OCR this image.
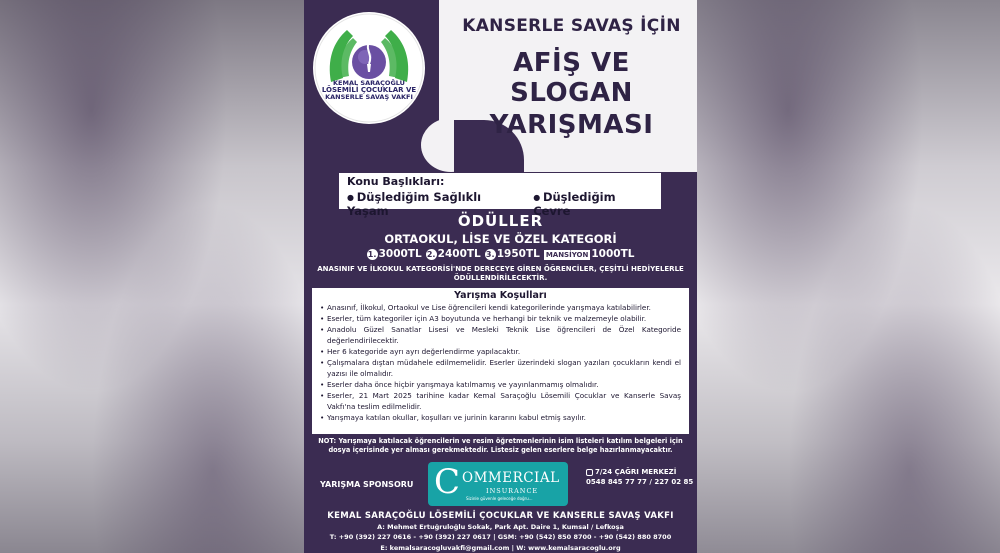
KEMAL SARAÇOĞLU
LÖSEMİLİ ÇOCUKLAR VE
KANSERLE SAVAŞ VAKFI
KANSERLE SAVAŞ İÇİN
AFİŞ VE SLOGAN
YARIŞMASI
Konu Başlıkları:
● Düşlediğim Sağlıklı Yaşam
● Düşlediğim Çevre
ÖDÜLLER
ORTAOKUL, LİSE VE ÖZEL KATEGORİ
1. 3000TL 2. 2400TL 3. 1950TL MANSİYON 1000TL
ANASINIF VE İLKOKUL KATEGORİSİ'NDE DERECEYE GİREN ÖĞRENCİLER, ÇEŞİTLİ HEDİYELERLE ÖDÜLLENDİRİLECEKTİR.
Yarışma Koşulları
• Anasınıf, İlkokul, Ortaokul ve Lise öğrencileri kendi kategorilerinde yarışmaya katılabilirler.
• Eserler, tüm kategoriler için A3 boyutunda ve herhangi bir teknik ve malzemeyle olabilir.
• Anadolu Güzel Sanatlar Lisesi ve Mesleki Teknik Lise öğrencileri de Özel Kategoride değerlendirilecektir.
• Her 6 kategoride ayrı ayrı değerlendirme yapılacaktır.
• Çalışmalara dıştan müdahele edilmemelidir. Eserler üzerindeki slogan yazıları çocukların kendi el yazısı ile olmalıdır.
• Eserler daha önce hiçbir yarışmaya katılmamış ve yayınlanmamış olmalıdır.
• Eserler, 21 Mart 2025 tarihine kadar Kemal Saraçoğlu Lösemili Çocuklar ve Kanserle Savaş Vakfı'na teslim edilmelidir.
• Yarışmaya katılan okullar, koşulları ve jurinin kararını kabul etmiş sayılır.
NOT: Yarışmaya katılacak öğrencilerin ve resim öğretmenlerinin isim listeleri katılım belgeleri için dosya içerisinde yer alması gerekmektedir. Listesiz gelen eserlere belge hazırlanmayacaktır.
YARIŞMA SPONSORU C OMMERCIAL
INSURANCE
Sizinle güvenle geleceğe doğru...
7/24 ÇAĞRI MERKEZİ
0548 845 77 77 / 227 02 85
KEMAL SARAÇOĞLU LÖSEMİLİ ÇOCUKLAR VE KANSERLE SAVAŞ VAKFI
A: Mehmet Ertuğruloğlu Sokak, Park Apt. Daire 1, Kumsal / Lefkoşa
T: +90 (392) 227 0616 - +90 (392) 227 0617 | GSM: +90 (542) 850 8700 - +90 (542) 880 8700
E: kemalsaracogluvakfi@gmail.com | W: www.kemalsaracoglu.org
